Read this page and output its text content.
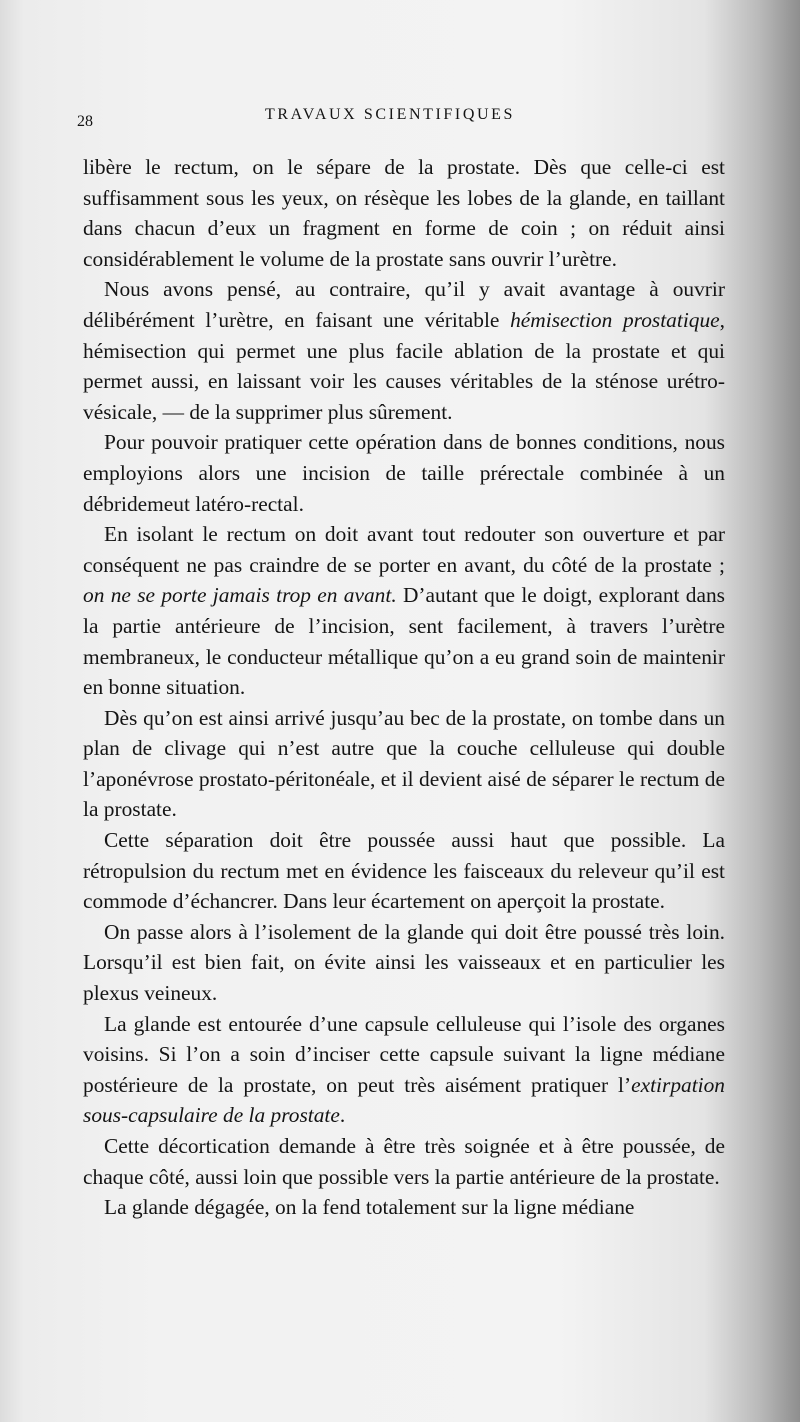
28	TRAVAUX SCIENTIFIQUES

libère le rectum, on le sépare de la prostate. Dès que celle-ci est suffisamment sous les yeux, on résèque les lobes de la glande, en taillant dans chacun d’eux un fragment en forme de coin ; on réduit ainsi considérablement le volume de la prostate sans ouvrir l’urètre.

Nous avons pensé, au contraire, qu’il y avait avantage à ouvrir délibérément l’urètre, en faisant une véritable hémisection prostatique, hémisection qui permet une plus facile ablation de la prostate et qui permet aussi, en laissant voir les causes véritables de la sténose urétro-vésicale, — de la supprimer plus sûrement.

Pour pouvoir pratiquer cette opération dans de bonnes conditions, nous employions alors une incision de taille prérectale combinée à un débridemeut latéro-rectal.

En isolant le rectum on doit avant tout redouter son ouverture et par conséquent ne pas craindre de se porter en avant, du côté de la prostate ; on ne se porte jamais trop en avant. D’autant que le doigt, explorant dans la partie antérieure de l’incision, sent facilement, à travers l’urètre membraneux, le conducteur métallique qu’on a eu grand soin de maintenir en bonne situation.

Dès qu’on est ainsi arrivé jusqu’au bec de la prostate, on tombe dans un plan de clivage qui n’est autre que la couche celluleuse qui double l’aponévrose prostato-péritonéale, et il devient aisé de séparer le rectum de la prostate.

Cette séparation doit être poussée aussi haut que possible. La rétropulsion du rectum met en évidence les faisceaux du releveur qu’il est commode d’échancrer. Dans leur écartement on aperçoit la prostate.

On passe alors à l’isolement de la glande qui doit être poussé très loin. Lorsqu’il est bien fait, on évite ainsi les vaisseaux et en particulier les plexus veineux.

La glande est entourée d’une capsule celluleuse qui l’isole des organes voisins. Si l’on a soin d’inciser cette capsule suivant la ligne médiane postérieure de la prostate, on peut très aisément pratiquer l’extirpation sous-capsulaire de la prostate.

Cette décortication demande à être très soignée et à être poussée, de chaque côté, aussi loin que possible vers la partie antérieure de la prostate.

La glande dégagée, on la fend totalement sur la ligne médiane
